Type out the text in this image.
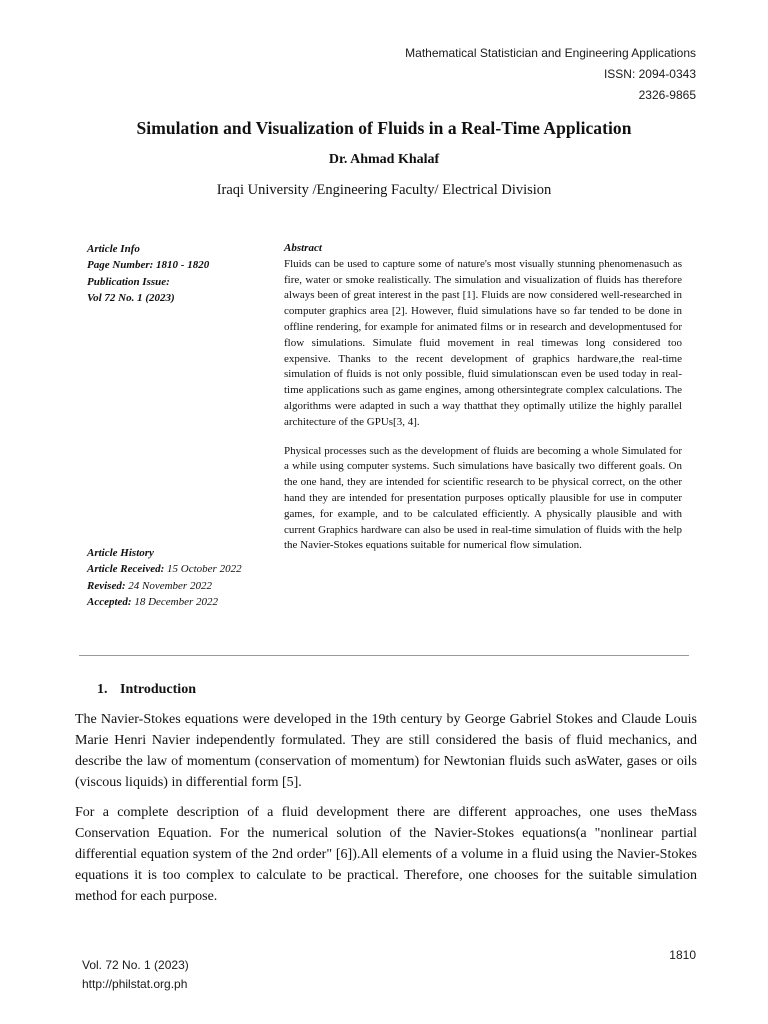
Mathematical Statistician and Engineering Applications
ISSN: 2094-0343
2326-9865
Simulation and Visualization of Fluids in a Real-Time Application
Dr. Ahmad Khalaf
Iraqi University /Engineering Faculty/ Electrical Division
Article Info
Page Number: 1810 - 1820
Publication Issue:
Vol 72 No. 1 (2023)
Abstract

Fluids can be used to capture some of nature's most visually stunning phenomenasuch as fire, water or smoke realistically. The simulation and visualization of fluids has therefore always been of great interest in the past [1]. Fluids are now considered well-researched in computer graphics area [2]. However, fluid simulations have so far tended to be done in offline rendering, for example for animated films or in research and developmentused for flow simulations. Simulate fluid movement in real timewas long considered too expensive. Thanks to the recent development of graphics hardware,the real-time simulation of fluids is not only possible, fluid simulationscan even be used today in real-time applications such as game engines, among othersintegrate complex calculations. The algorithms were adapted in such a way thatthat they optimally utilize the highly parallel architecture of the GPUs[3, 4].

Physical processes such as the development of fluids are becoming a whole Simulated for a while using computer systems. Such simulations have basically two different goals. On the one hand, they are intended for scientific research to be physical correct, on the other hand they are intended for presentation purposes optically plausible for use in computer games, for example, and to be calculated efficiently. A physically plausible and with current Graphics hardware can also be used in real-time simulation of fluids with the help the Navier-Stokes equations suitable for numerical flow simulation.

Article History
Article Received: 15 October 2022
Revised: 24 November 2022
Accepted: 18 December 2022
1. Introduction

The Navier-Stokes equations were developed in the 19th century by George Gabriel Stokes and Claude Louis Marie Henri Navier independently formulated. They are still considered the basis of fluid mechanics, and describe the law of momentum (conservation of momentum) for Newtonian fluids such asWater, gases or oils (viscous liquids) in differential form [5].

For a complete description of a fluid development there are different approaches, one uses theMass Conservation Equation. For the numerical solution of the Navier-Stokes equations(a "nonlinear partial differential equation system of the 2nd order" [6]).All elements of a volume in a fluid using the Navier-Stokes equations it is too complex to calculate to be practical. Therefore, one chooses for the suitable simulation method for each purpose.

Vol. 72 No. 1 (2023)
http://philstat.org.ph
1810
